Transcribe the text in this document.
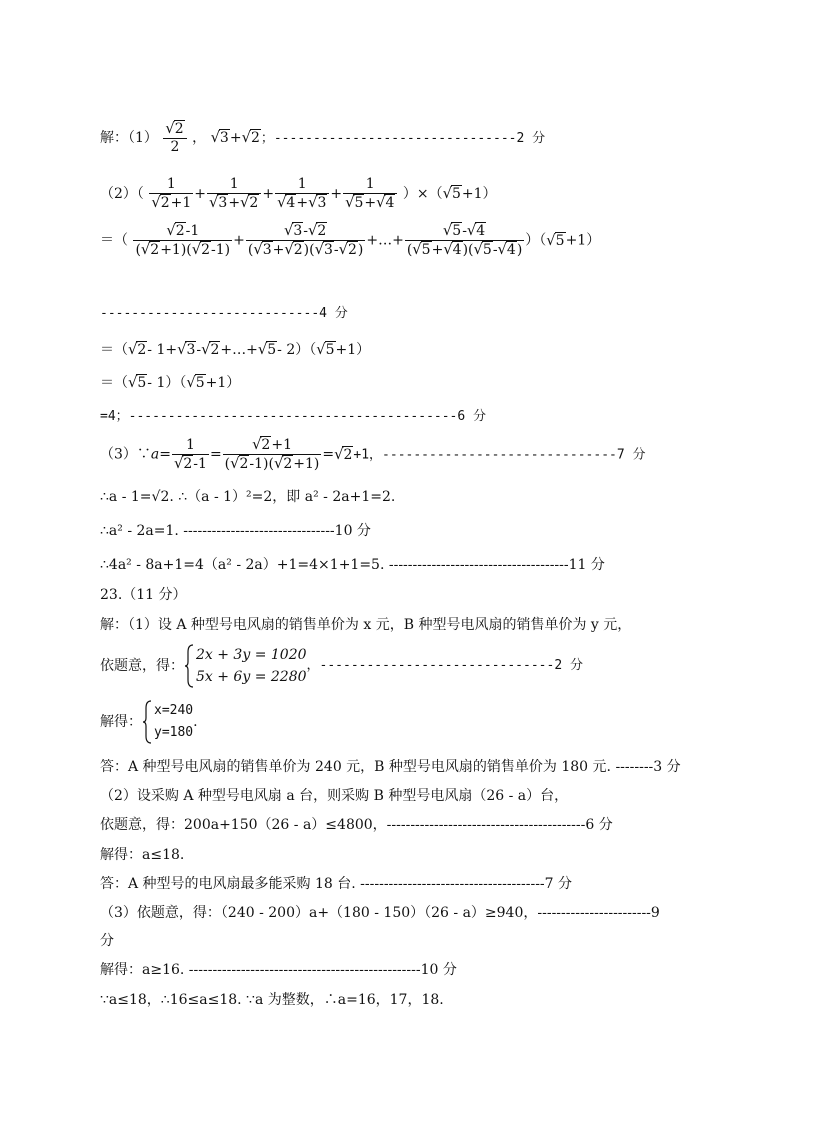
解：$(1) \frac{√2}{2}$ ， √3+√2；-------------------------------2 分
$(2)( \frac{1}{√2+1} + \frac{1}{√3+√2} + \frac{1}{√4+√3} + \frac{1}{√5+√4} )\times(√5+1)$
＝（ $\frac{√2-1}{(√2+1)(√2-1)} + \frac{√3-√2}{(√3+√2)(√3-√2)}$ +…+ $\frac{√5-√4}{(√5+√4)(√5-√4)} )(√5+1)$
----------------------------4 分
＝（√2- 1+√3-√2+…+√5- 2）（√5+1）
＝（√5- 1）（√5+1）
=4；------------------------------------------6 分
（3）∵a= $\frac{1}{√2-1} = \frac{√2+1}{(√2-1)(√2+1)} =√2+1$，------------------------------7 分
∴a - 1=√2. ∴（a - 1）²=2，即 a² - 2a+1=2.
∴a² - 2a=1. --------------------------------10 分
∴4a² - 8a+1=4（a² - 2a）+1=4×1+1=5. --------------------------------------11 分
23.（11 分）
解：（1）设 A 种型号电风扇的销售单价为 x 元，B 种型号电风扇的销售单价为 y 元，
依题意，得：
2x + 3y = 1020
5x + 6y = 2280
，------------------------------2 分
解得：
x=240
y=180
.
答：A 种型号电风扇的销售单价为 240 元，B 种型号电风扇的销售单价为 180 元. --------3 分
（2）设采购 A 种型号电风扇 a 台，则采购 B 种型号电风扇（26 - a）台，
依题意，得：200a+150（26 - a）≤4800，------------------------------------------6 分
解得：a≤18.
答：A 种型号的电风扇最多能采购 18 台. ---------------------------------------7 分
（3）依题意，得：（240 - 200）a+（180 - 150）（26 - a）≥940，------------------------9
分
解得：a≥16. -------------------------------------------------10 分
∵a≤18，∴16≤a≤18. ∵a 为整数，∴a=16，17，18.
